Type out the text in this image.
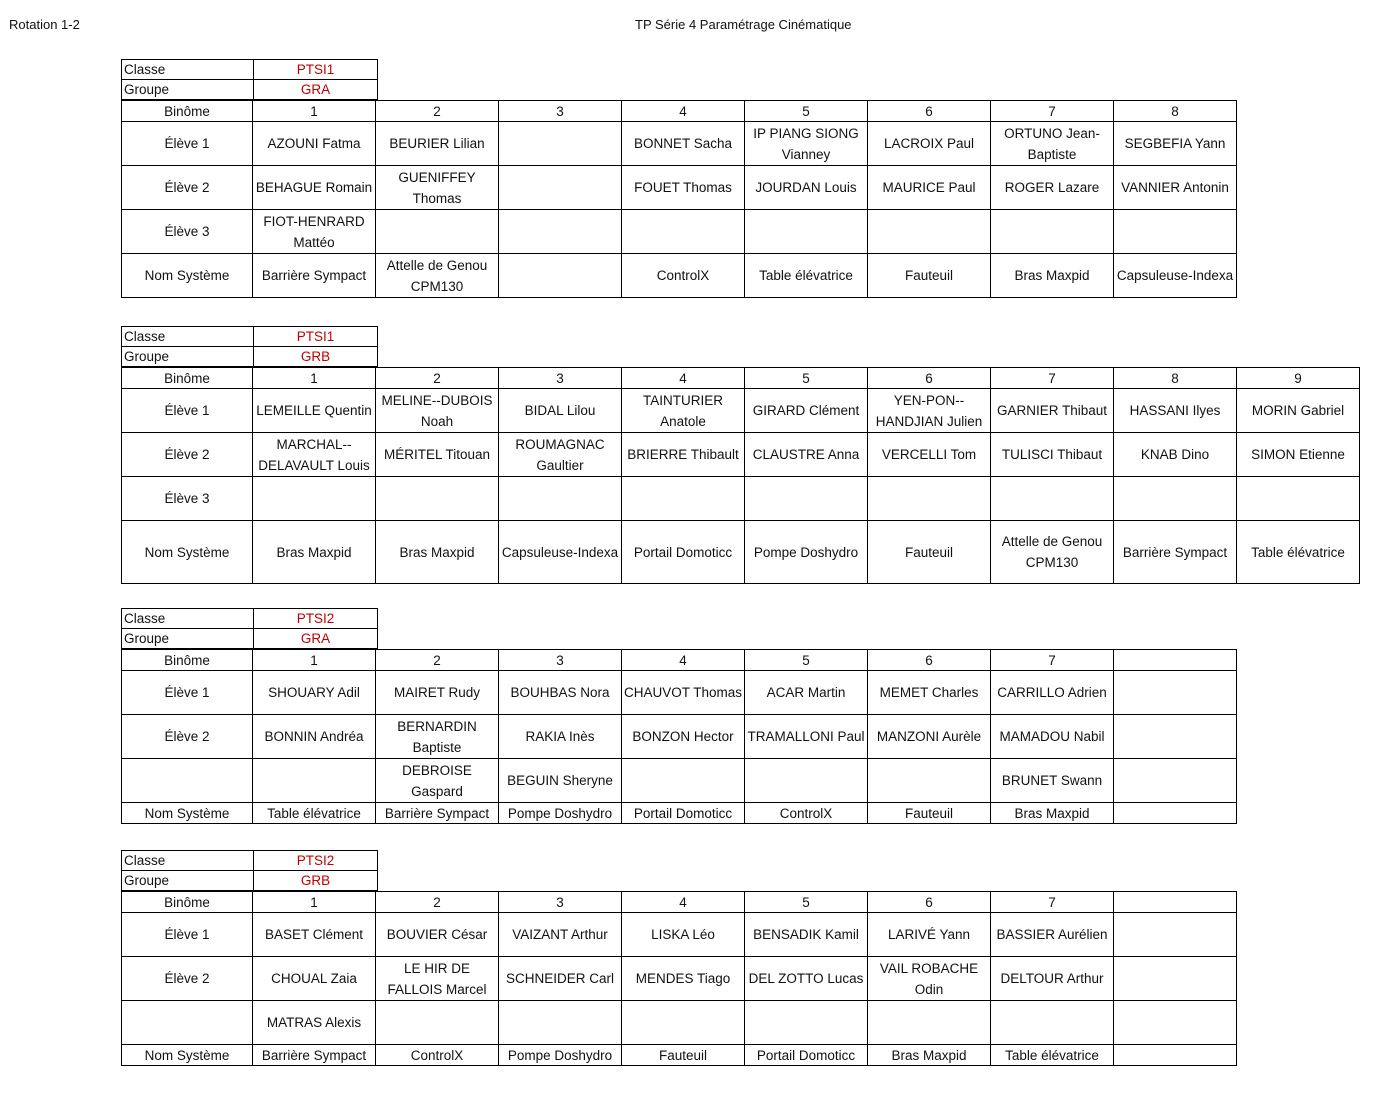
Rotation 1-2	TP Série 4 Paramétrage Cinématique
Classe	PTSI1
Groupe	GRA
Binôme	1	2	3	4	5	6	7	8
Élève 1	AZOUNI Fatma	BEURIER Lilian		BONNET Sacha	IP PIANG SIONG Vianney	LACROIX Paul	ORTUNO Jean-Baptiste	SEGBEFIA Yann
Élève 2	BEHAGUE Romain	GUENIFFEY Thomas		FOUET Thomas	JOURDAN Louis	MAURICE Paul	ROGER Lazare	VANNIER Antonin
Élève 3	FIOT-HENRARD Mattéo							
Nom Système	Barrière Sympact	Attelle de Genou CPM130		ControlX	Table élévatrice	Fauteuil	Bras Maxpid	Capsuleuse-Indexa
Classe	PTSI1
Groupe	GRB
Binôme	1	2	3	4	5	6	7	8	9
Élève 1	LEMEILLE Quentin	MELINE--DUBOIS Noah	BIDAL Lilou	TAINTURIER Anatole	GIRARD Clément	YEN-PON--HANDJIAN Julien	GARNIER Thibaut	HASSANI Ilyes	MORIN Gabriel
Élève 2	MARCHAL--DELAVAULT Louis	MÉRITEL Titouan	ROUMAGNAC Gaultier	BRIERRE Thibault	CLAUSTRE Anna	VERCELLI Tom	TULISCI Thibaut	KNAB Dino	SIMON Etienne
Élève 3									
Nom Système	Bras Maxpid	Bras Maxpid	Capsuleuse-Indexa	Portail Domoticc	Pompe Doshydro	Fauteuil	Attelle de Genou CPM130	Barrière Sympact	Table élévatrice
Classe	PTSI2
Groupe	GRA
Binôme	1	2	3	4	5	6	7	
Élève 1	SHOUARY Adil	MAIRET Rudy	BOUHBAS Nora	CHAUVOT Thomas	ACAR Martin	MEMET Charles	CARRILLO Adrien	
Élève 2	BONNIN Andréa	BERNARDIN Baptiste	RAKIA Inès	BONZON Hector	TRAMALLONI Paul	MANZONI Aurèle	MAMADOU Nabil	
		DEBROISE Gaspard	BEGUIN Sheryne				BRUNET Swann	
Nom Système	Table élévatrice	Barrière Sympact	Pompe Doshydro	Portail Domoticc	ControlX	Fauteuil	Bras Maxpid	
Classe	PTSI2
Groupe	GRB
Binôme	1	2	3	4	5	6	7	
Élève 1	BASET Clément	BOUVIER César	VAIZANT Arthur	LISKA Léo	BENSADIK Kamil	LARIVÉ Yann	BASSIER Aurélien	
Élève 2	CHOUAL Zaia	LE HIR DE FALLOIS Marcel	SCHNEIDER Carl	MENDES Tiago	DEL ZOTTO Lucas	VAIL ROBACHE Odin	DELTOUR Arthur	
	MATRAS Alexis							
Nom Système	Barrière Sympact	ControlX	Pompe Doshydro	Fauteuil	Portail Domoticc	Bras Maxpid	Table élévatrice	
